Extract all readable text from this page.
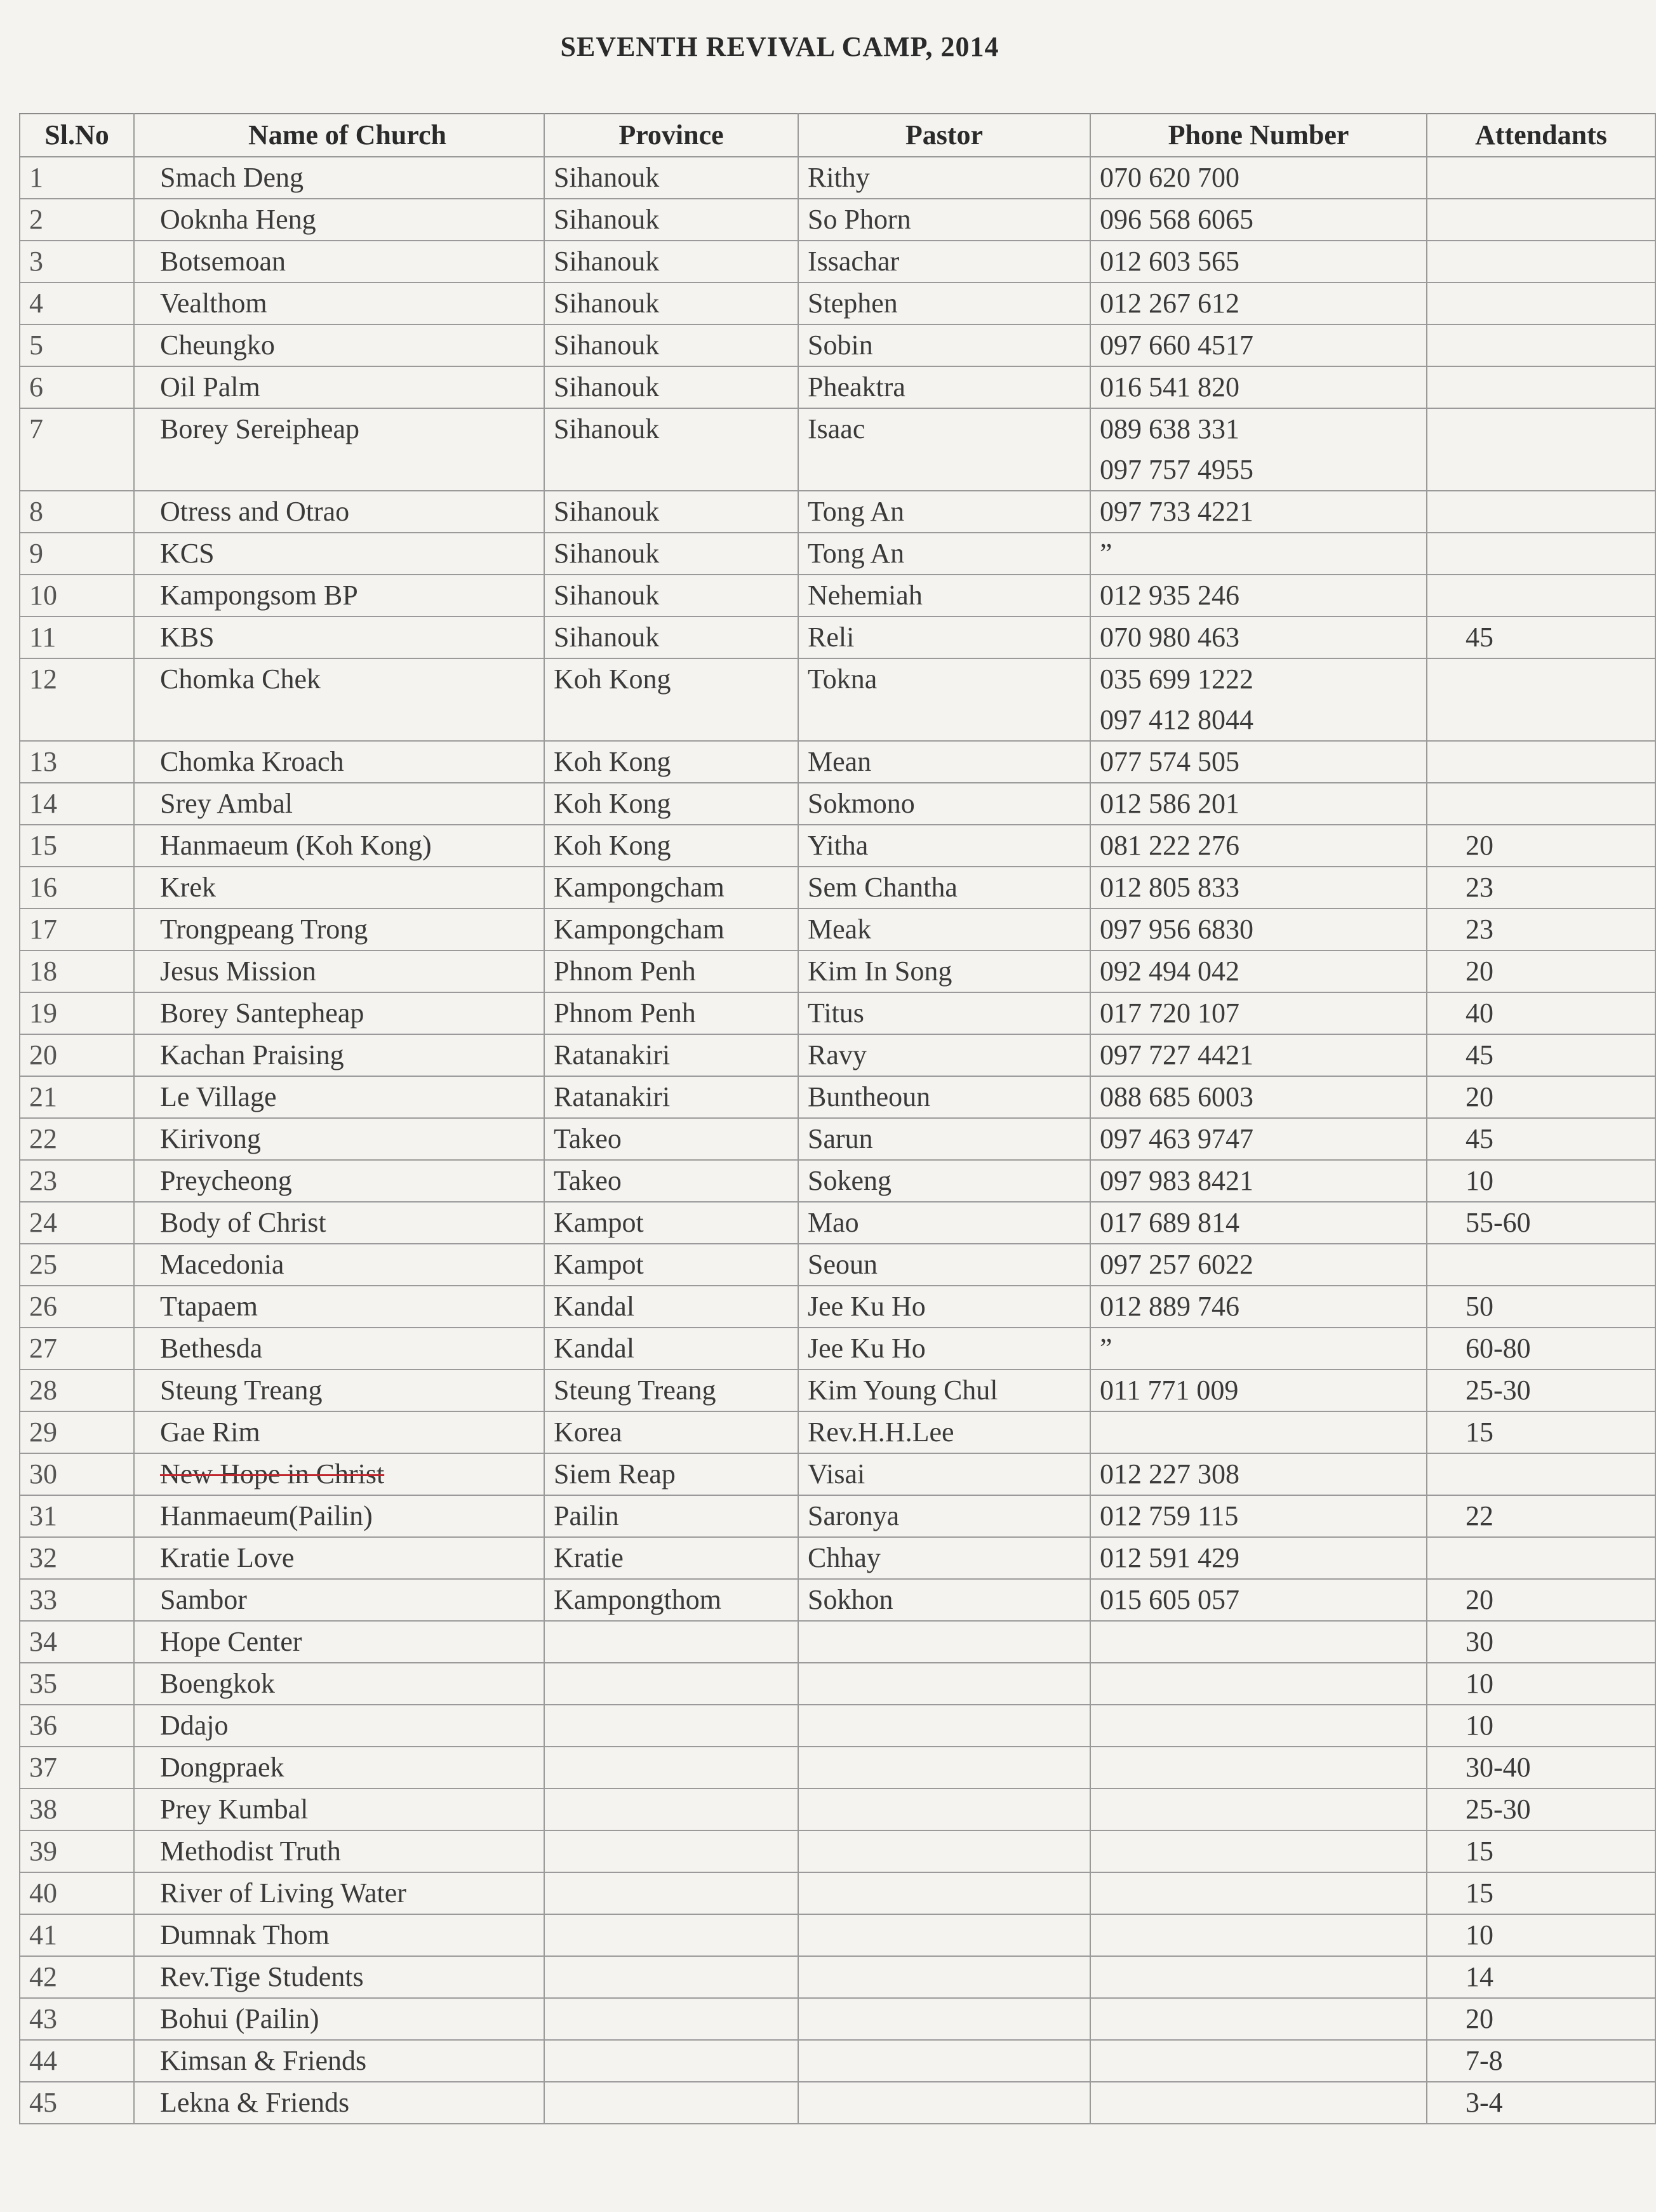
SEVENTH REVIVAL CAMP, 2014
Sl.No	Name of Church	Province	Pastor	Phone Number	Attendants
1	Smach Deng	Sihanouk	Rithy	070 620 700	

2	Ooknha Heng	Sihanouk	So Phorn	096 568 6065	

3	Botsemoan	Sihanouk	Issachar	012 603 565	

4	Vealthom	Sihanouk	Stephen	012 267 612	

5	Cheungko	Sihanouk	Sobin	097 660 4517	

6	Oil Palm	Sihanouk	Pheaktra	016 541 820	

7	Borey Sereipheap	Sihanouk	Isaac	089 638 331
097 757 4955	

8	Otress and Otrao	Sihanouk	Tong An	097 733 4221	

9	KCS	Sihanouk	Tong An	”	

10	Kampongsom BP	Sihanouk	Nehemiah	012 935 246	

11	KBS	Sihanouk	Reli	070 980 463	45
12	Chomka Chek	Koh Kong	Tokna	035 699 1222
097 412 8044	

13	Chomka Kroach	Koh Kong	Mean	077 574 505	

14	Srey Ambal	Koh Kong	Sokmono	012 586 201	

15	Hanmaeum (Koh Kong)	Koh Kong	Yitha	081 222 276	20
16	Krek	Kampongcham	Sem Chantha	012 805 833	23
17	Trongpeang Trong	Kampongcham	Meak	097 956 6830	23
18	Jesus Mission	Phnom Penh	Kim In Song	092 494 042	20
19	Borey Santepheap	Phnom Penh	Titus	017 720 107	40
20	Kachan Praising	Ratanakiri	Ravy	097 727 4421	45
21	Le Village	Ratanakiri	Buntheoun	088 685 6003	20
22	Kirivong	Takeo	Sarun	097 463 9747	45
23	Preycheong	Takeo	Sokeng	097 983 8421	10
24	Body of Christ	Kampot	Mao	017 689 814	55-60
25	Macedonia	Kampot	Seoun	097 257 6022	

26	Ttapaem	Kandal	Jee Ku Ho	012 889 746	50
27	Bethesda	Kandal	Jee Ku Ho	”	60-80
28	Steung Treang	Steung Treang	Kim Young Chul	011 771 009	25-30
29	Gae Rim	Korea	Rev.H.H.Lee		15
30	New Hope in Christ	Siem Reap	Visai	012 227 308	

31	Hanmaeum(Pailin)	Pailin	Saronya	012 759 115	22
32	Kratie Love	Kratie	Chhay	012 591 429	

33	Sambor	Kampongthom	Sokhon	015 605 057	20
34	Hope Center				30
35	Boengkok				10
36	Ddajo				10
37	Dongpraek				30-40
38	Prey Kumbal				25-30
39	Methodist Truth				15
40	River of Living Water				15
41	Dumnak Thom				10
42	Rev.Tige Students				14
43	Bohui (Pailin)				20
44	Kimsan & Friends				7-8
45	Lekna & Friends				3-4
